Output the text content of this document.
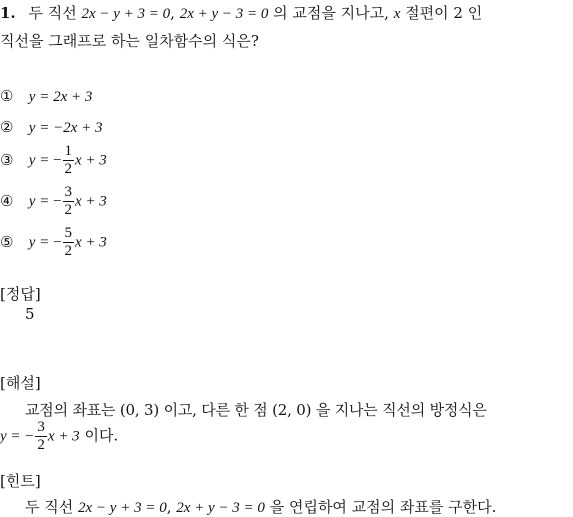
1. 두 직선 2x − y + 3 = 0, 2x + y − 3 = 0 의 교점을 지나고, x 절편이 2 인
직선을 그래프로 하는 일차함수의 식은?
① y = 2x + 3
② y = −2x + 3
③ y = − $\frac{1}{2}$ x + 3
④ y = − $\frac{3}{2}$ x + 3
⑤ y = − $\frac{5}{2}$ x + 3
[정답]
5
[해설]
교점의 좌표는 (0, 3) 이고, 다른 한 점 (2, 0) 을 지나는 직선의 방정식은
y = − $\frac{3}{2}$ x + 3 이다.
[힌트]
두 직선 2x − y + 3 = 0, 2x + y − 3 = 0 을 연립하여 교점의 좌표를 구한다.
